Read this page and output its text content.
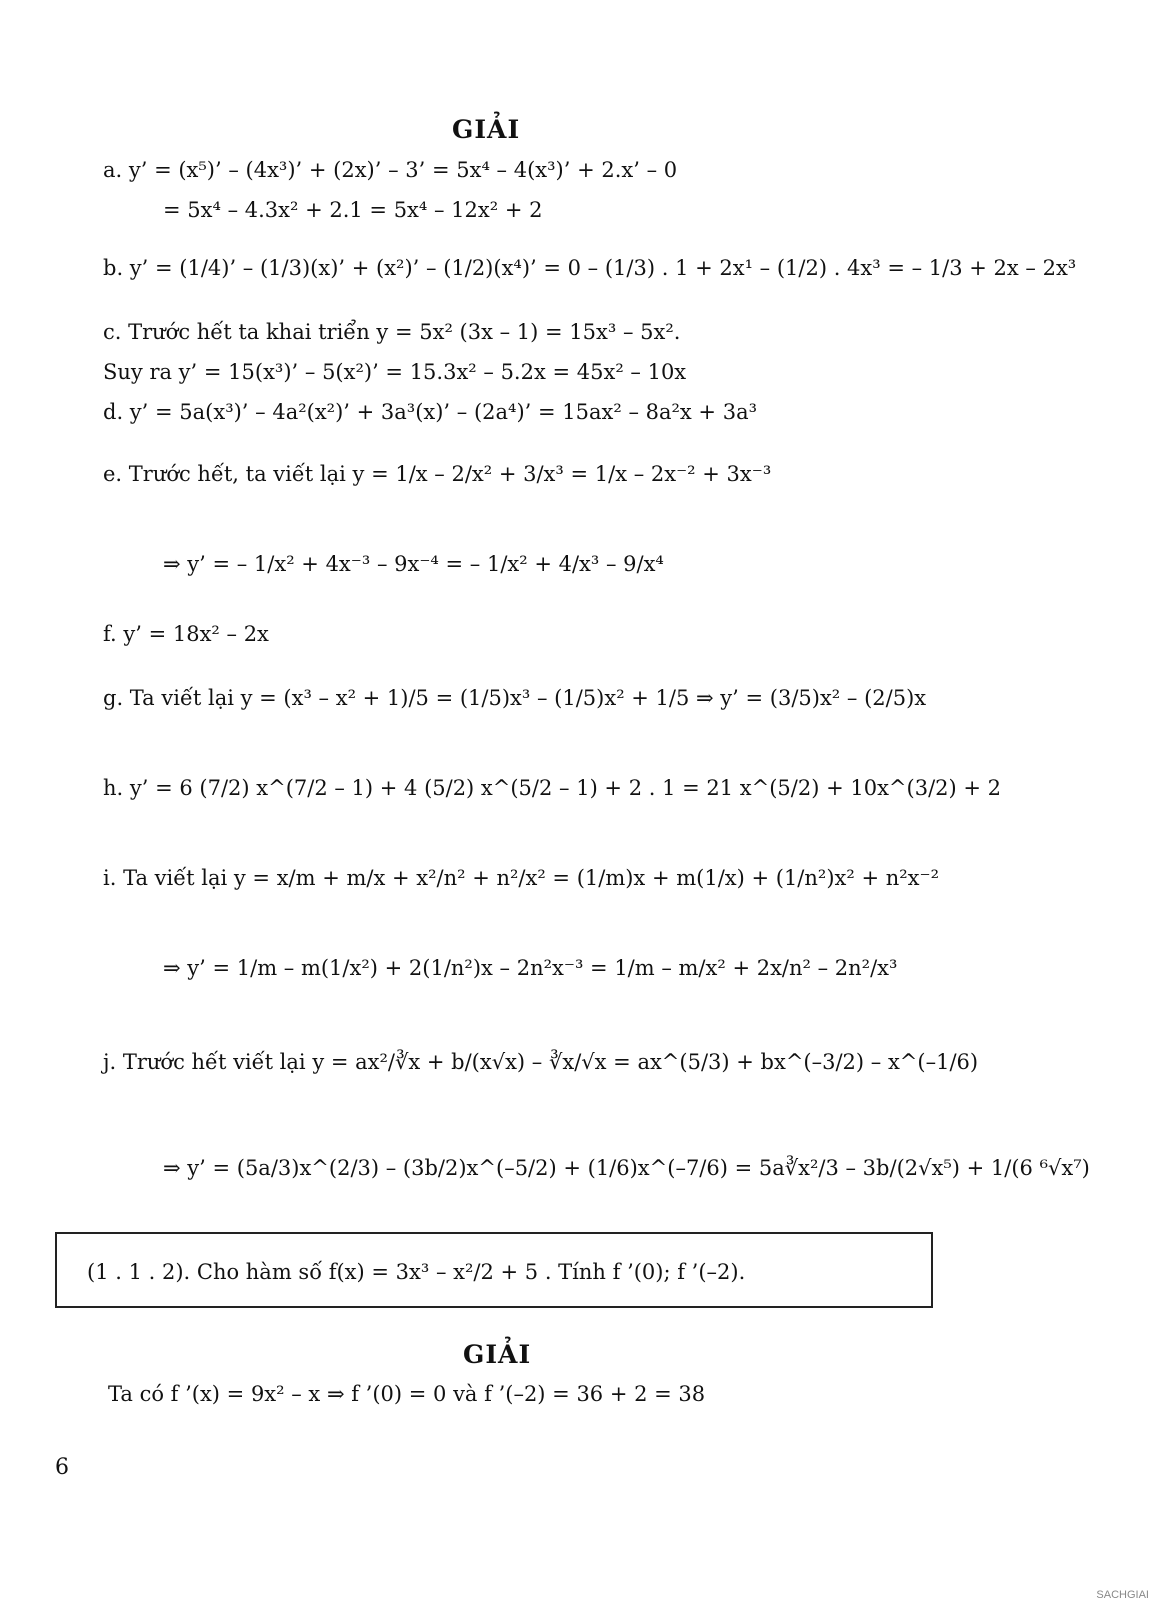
GIẢI
a. y’ = (x⁵)’ – (4x³)’ + (2x)’ – 3’ = 5x⁴ – 4(x³)’ + 2.x’ – 0
= 5x⁴ – 4.3x² + 2.1 = 5x⁴ – 12x² + 2
b. y’ = (1/4)’ – (1/3)(x)’ + (x²)’ – (1/2)(x⁴)’ = 0 – (1/3) . 1 + 2x¹ – (1/2) . 4x³ = – 1/3 + 2x – 2x³
c. Trước hết ta khai triển y = 5x² (3x – 1) = 15x³ – 5x².
Suy ra y’ = 15(x³)’ – 5(x²)’ = 15.3x² – 5.2x = 45x² – 10x
d. y’ = 5a(x³)’ – 4a²(x²)’ + 3a³(x)’ – (2a⁴)’ = 15ax² – 8a²x + 3a³
e. Trước hết, ta viết lại y = 1/x – 2/x² + 3/x³ = 1/x – 2x⁻² + 3x⁻³
⇒ y’ = – 1/x² + 4x⁻³ – 9x⁻⁴ = – 1/x² + 4/x³ – 9/x⁴
f. y’ = 18x² – 2x
g. Ta viết lại y = (x³ – x² + 1)/5 = (1/5)x³ – (1/5)x² + 1/5 ⇒ y’ = (3/5)x² – (2/5)x
h. y’ = 6 (7/2) x^(7/2 – 1) + 4 (5/2) x^(5/2 – 1) + 2 . 1 = 21 x^(5/2) + 10x^(3/2) + 2
i. Ta viết lại y = x/m + m/x + x²/n² + n²/x² = (1/m)x + m(1/x) + (1/n²)x² + n²x⁻²
⇒ y’ = 1/m – m(1/x²) + 2(1/n²)x – 2n²x⁻³ = 1/m – m/x² + 2x/n² – 2n²/x³
j. Trước hết viết lại y = ax²/∛x + b/(x√x) – ∛x/√x = ax^(5/3) + bx^(–3/2) – x^(–1/6)
⇒ y’ = (5a/3)x^(2/3) – (3b/2)x^(–5/2) + (1/6)x^(–7/6) = 5a∛x²/3 – 3b/(2√x⁵) + 1/(6 ⁶√x⁷)
(1 . 1 . 2). Cho hàm số f(x) = 3x³ – x²/2 + 5 . Tính f ’(0); f ’(–2).
GIẢI
Ta có f ’(x) = 9x² – x ⇒ f ’(0) = 0 và f ’(–2) = 36 + 2 = 38
6
SACHGIAI
